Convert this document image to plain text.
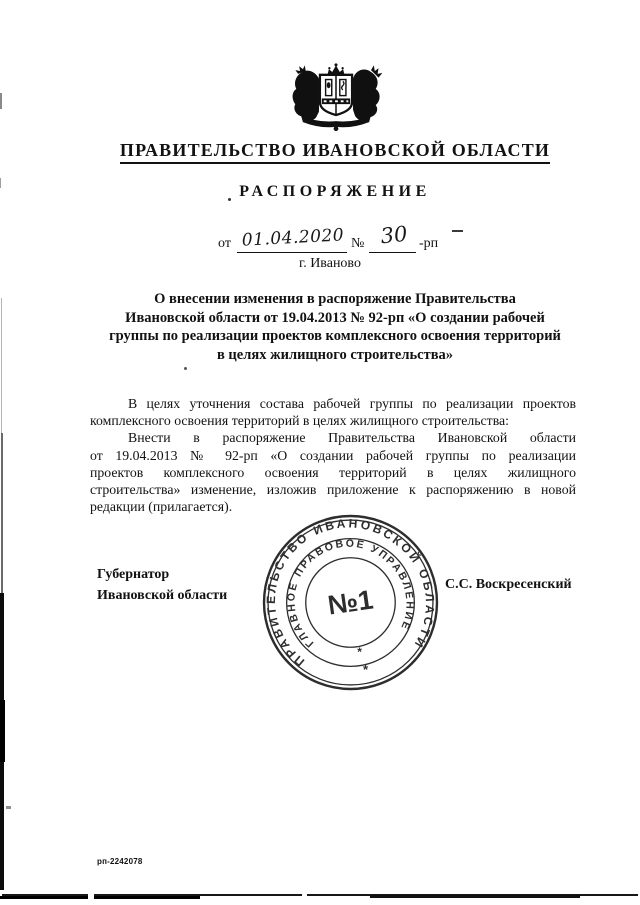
ПРАВИТЕЛЬСТВО ИВАНОВСКОЙ ОБЛАСТИ
РАСПОРЯЖЕНИЕ
от 01.04.2020 № 30 -рп
г. Иваново
О внесении изменения в распоряжение Правительства
Ивановской области от 19.04.2013 № 92-рп «О создании рабочей
группы по реализации проектов комплексного освоения территорий
в целях жилищного строительства»
В целях уточнения состава рабочей группы по реализации проектов
комплексного освоения территорий в целях жилищного строительства:
Внести в распоряжение Правительства Ивановской области
от 19.04.2013 № 92-рп «О создании рабочей группы по реализации
проектов комплексного освоения территорий в целях жилищного
строительства» изменение, изложив приложение к распоряжению в новой
редакции (прилагается).
Губернатор
Ивановской области
С.С. Воскресенский
ПРАВИТЕЛЬСТВО ИВАНОВСКОЙ ОБЛАСТИ
ГЛАВНОЕ ПРАВОВОЕ УПРАВЛЕНИЕ
*
*
№1
рп-2242078
